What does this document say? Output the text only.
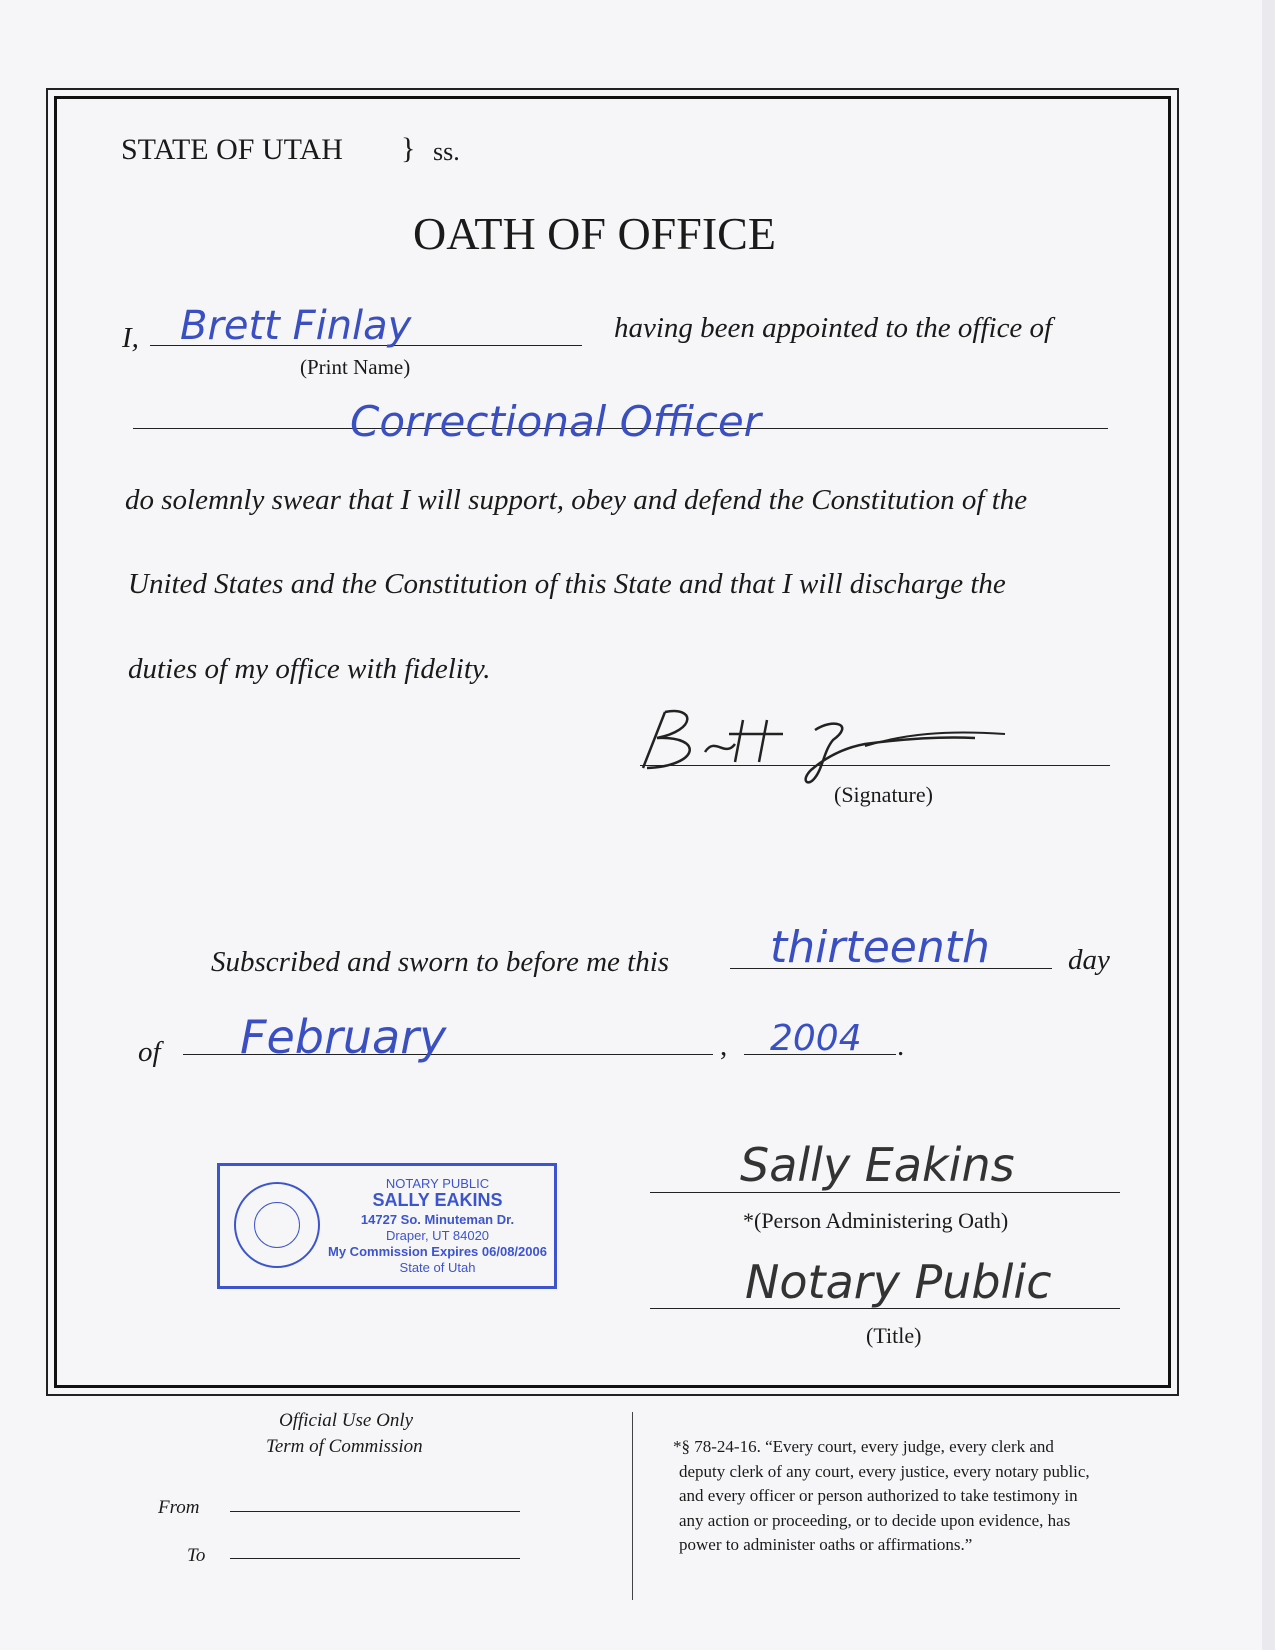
STATE OF UTAH } ss.
OATH OF OFFICE
I, Brett Finlay
(Print Name)
having been appointed to the office of
Correctional Officer
do solemnly swear that I will support, obey and defend the Constitution of the
United States and the Constitution of this State and that I will discharge the
duties of my office with fidelity.
(Signature)
Subscribed and sworn to before me this thirteenth	day
of February	, 2004 .
NOTARY PUBLIC
SALLY EAKINS
14727 So. Minuteman Dr.
Draper, UT 84020
My Commission Expires 06/08/2006
State of Utah
Sally Eakins
*(Person Administering Oath)
Notary Public
(Title)
Official Use Only
Term of Commission
From
To
*§ 78-24-16. “Every court, every judge, every clerk and
deputy clerk of any court, every justice, every notary public,
and every officer or person authorized to take testimony in
any action or proceeding, or to decide upon evidence, has
power to administer oaths or affirmations.”
